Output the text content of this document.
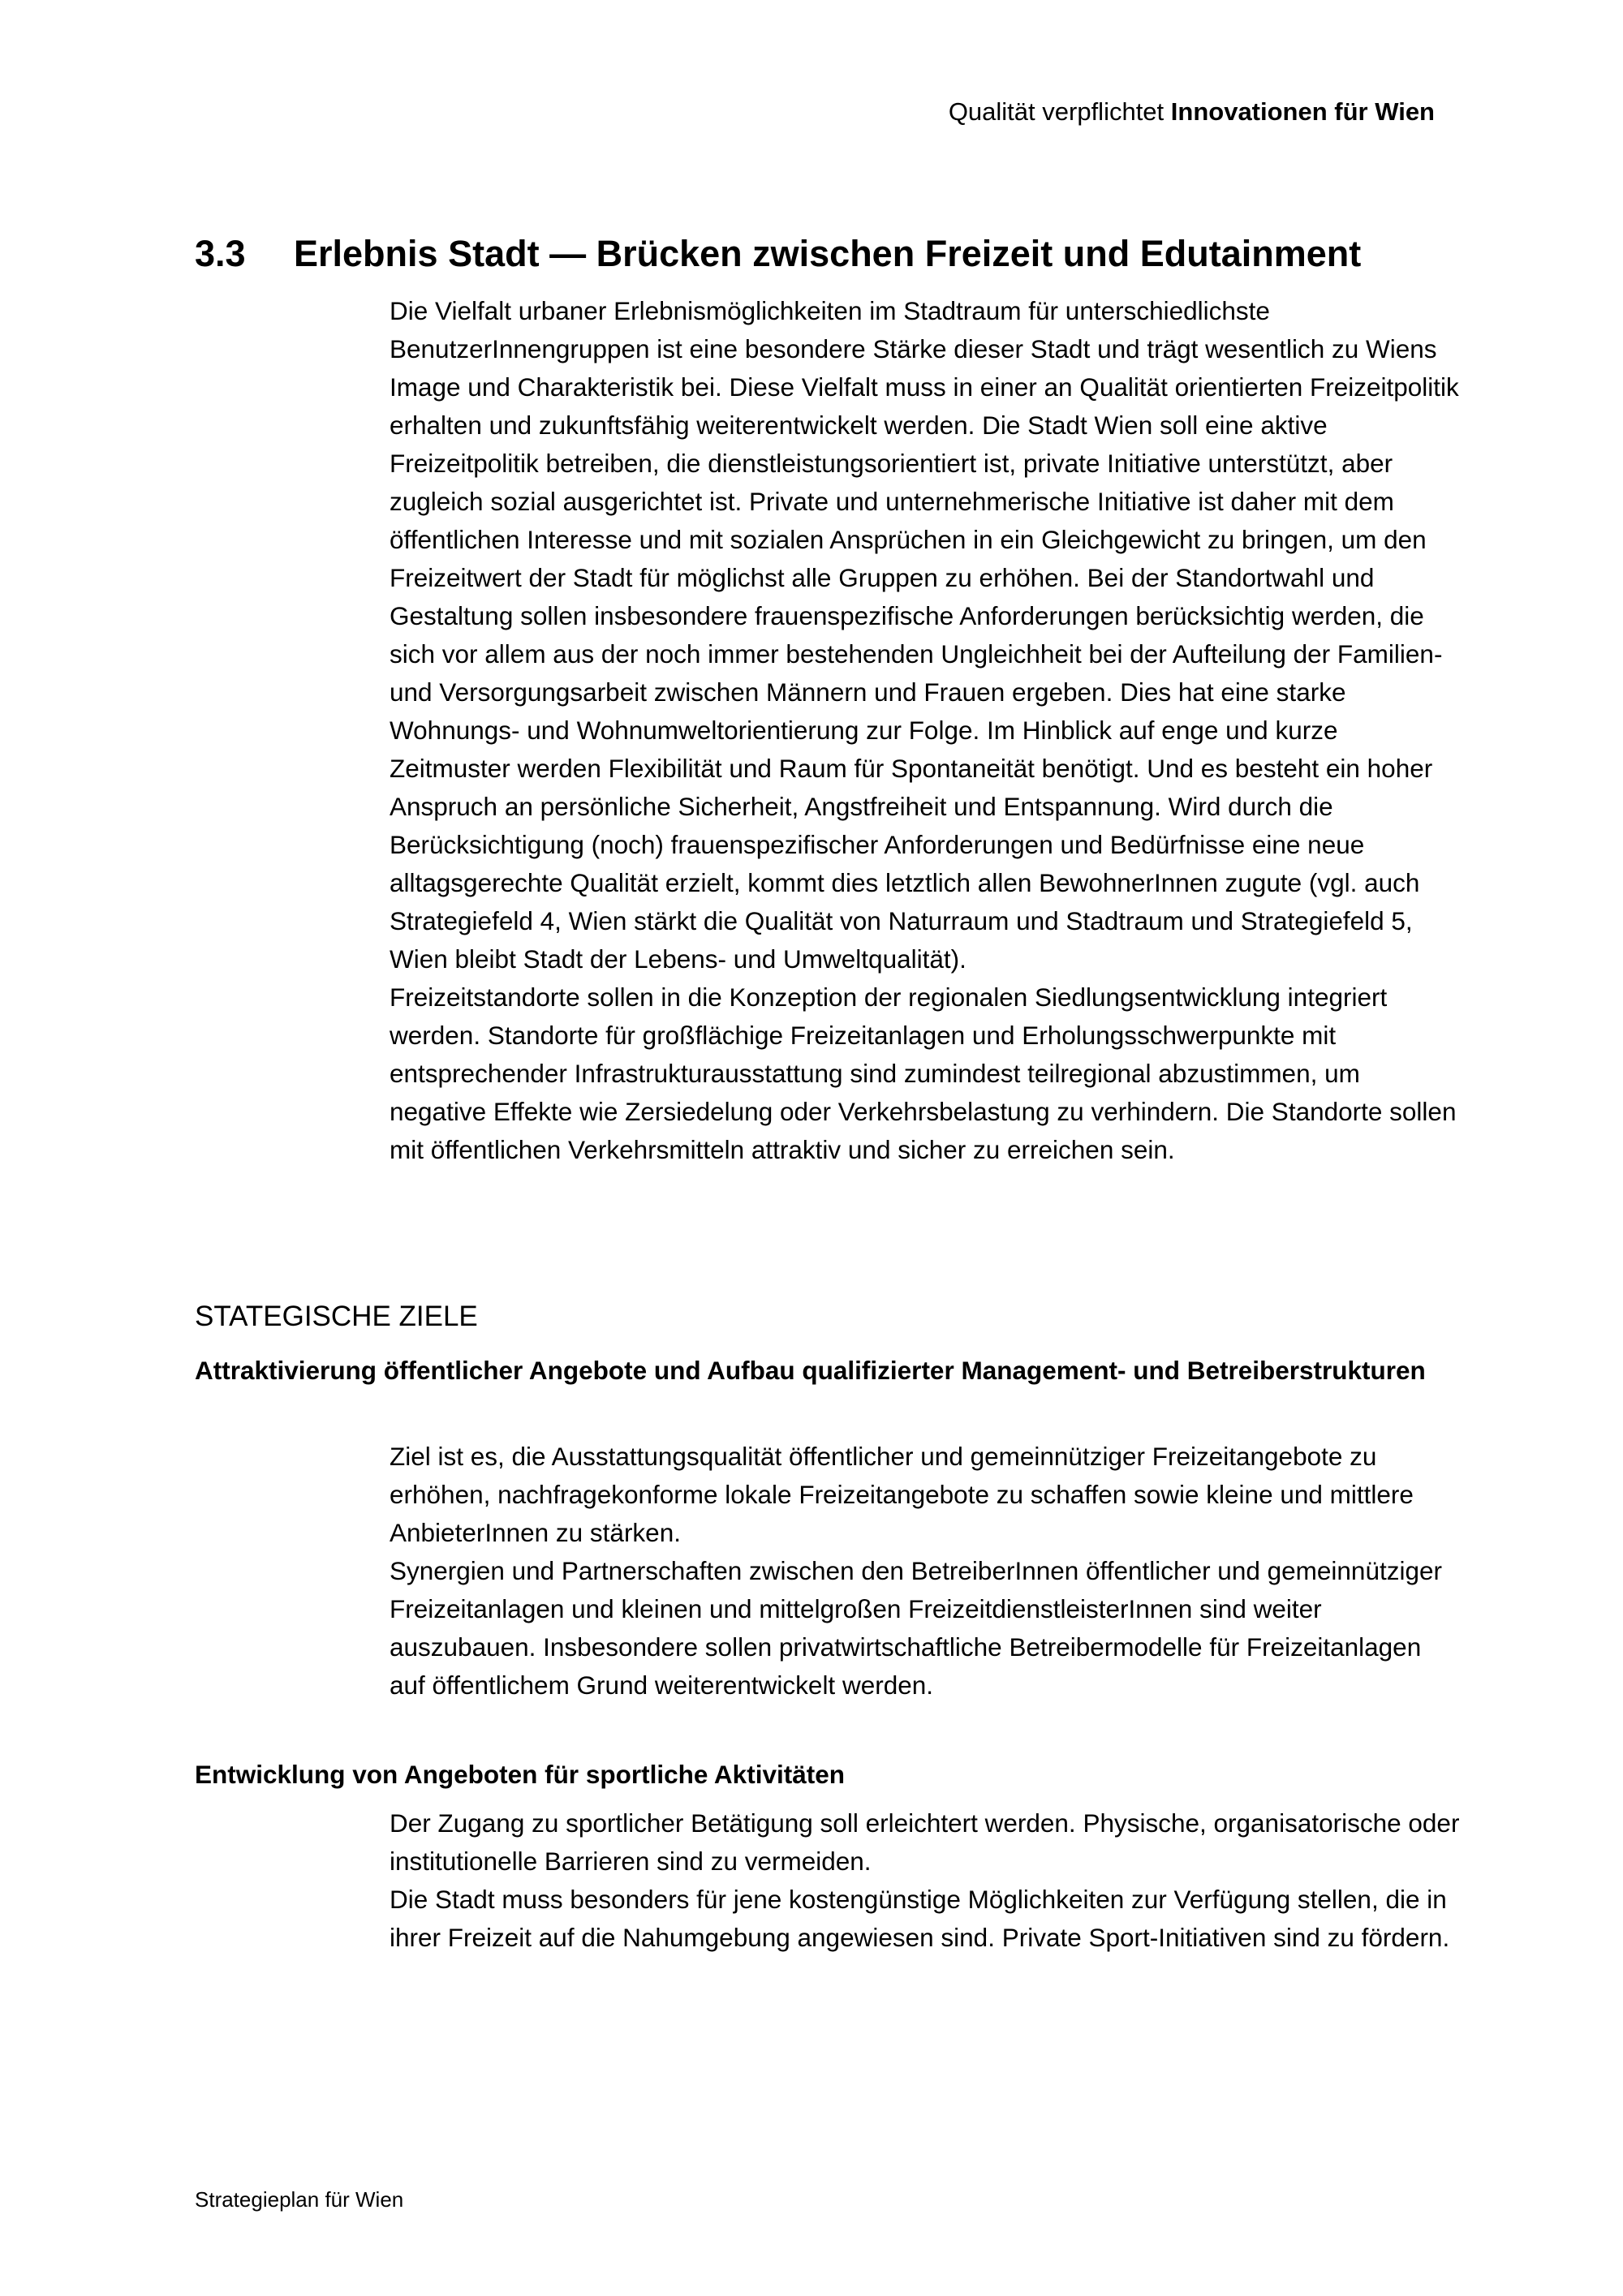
Qualität verpflichtet Innovationen für Wien
3.3 Erlebnis Stadt — Brücken zwischen Freizeit und Edutainment

Die Vielfalt urbaner Erlebnismöglichkeiten im Stadtraum für unterschiedlichste BenutzerInnengruppen ist eine besondere Stärke dieser Stadt und trägt wesentlich zu Wiens Image und Charakteristik bei. Diese Vielfalt muss in einer an Qualität orientierten Freizeitpolitik erhalten und zukunftsfähig weiterentwickelt werden. Die Stadt Wien soll eine aktive Freizeitpolitik betreiben, die dienstleistungsorientiert ist, private Initiative unterstützt, aber zugleich sozial ausgerichtet ist. Private und unternehmerische Initiative ist daher mit dem öffentlichen Interesse und mit sozialen Ansprüchen in ein Gleichgewicht zu bringen, um den Freizeitwert der Stadt für möglichst alle Gruppen zu erhöhen. Bei der Standortwahl und Gestaltung sollen insbesondere frauenspezifische Anforderungen berücksichtig werden, die sich vor allem aus der noch immer bestehenden Ungleichheit bei der Aufteilung der Familien- und Versorgungsarbeit zwischen Männern und Frauen ergeben. Dies hat eine starke Wohnungs- und Wohnumweltorientierung zur Folge. Im Hinblick auf enge und kurze Zeitmuster werden Flexibilität und Raum für Spontaneität benötigt. Und es besteht ein hoher Anspruch an persönliche Sicherheit, Angstfreiheit und Entspannung. Wird durch die Berücksichtigung (noch) frauenspezifischer Anforderungen und Bedürfnisse eine neue alltagsgerechte Qualität erzielt, kommt dies letztlich allen BewohnerInnen zugute (vgl. auch Strategiefeld 4, Wien stärkt die Qualität von Naturraum und Stadtraum und Strategiefeld 5, Wien bleibt Stadt der Lebens- und Umweltqualität).

Freizeitstandorte sollen in die Konzeption der regionalen Siedlungsentwicklung integriert werden. Standorte für großflächige Freizeitanlagen und Erholungsschwerpunkte mit entsprechender Infrastrukturausstattung sind zumindest teilregional abzustimmen, um negative Effekte wie Zersiedelung oder Verkehrsbelastung zu verhindern. Die Standorte sollen mit öffentlichen Verkehrsmitteln attraktiv und sicher zu erreichen sein.

STATEGISCHE ZIELE
Attraktivierung öffentlicher Angebote und Aufbau qualifizierter Management- und Betreiberstrukturen

Ziel ist es, die Ausstattungsqualität öffentlicher und gemeinnütziger Freizeitangebote zu erhöhen, nachfragekonforme lokale Freizeitangebote zu schaffen sowie kleine und mittlere AnbieterInnen zu stärken.

Synergien und Partnerschaften zwischen den BetreiberInnen öffentlicher und gemeinnütziger Freizeitanlagen und kleinen und mittelgroßen FreizeitdienstleisterInnen sind weiter auszubauen. Insbesondere sollen privatwirtschaftliche Betreibermodelle für Freizeitanlagen auf öffentlichem Grund weiterentwickelt werden.

Entwicklung von Angeboten für sportliche Aktivitäten

Der Zugang zu sportlicher Betätigung soll erleichtert werden. Physische, organisatorische oder institutionelle Barrieren sind zu vermeiden.

Die Stadt muss besonders für jene kostengünstige Möglichkeiten zur Verfügung stellen, die in ihrer Freizeit auf die Nahumgebung angewiesen sind. Private Sport-Initiativen sind zu fördern.

Strategieplan für Wien
